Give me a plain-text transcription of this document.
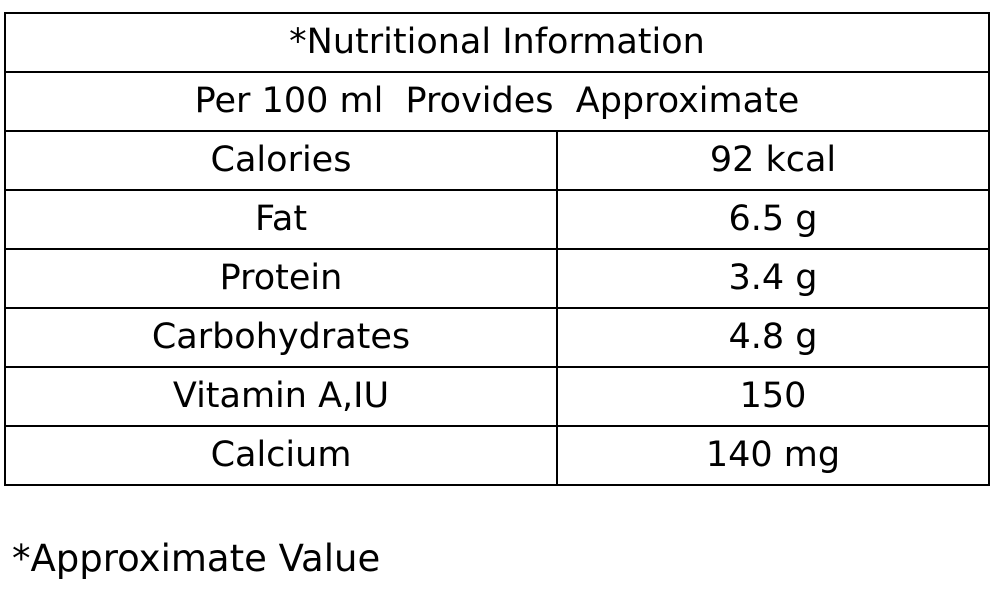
*Nutritional Information	
Per 100 ml  Provides  Approximate	
Calories	92 kcal
Fat	6.5 g
Protein	3.4 g
Carbohydrates	4.8 g
Vitamin A,IU	150
Calcium	140 mg
*Approximate Value
